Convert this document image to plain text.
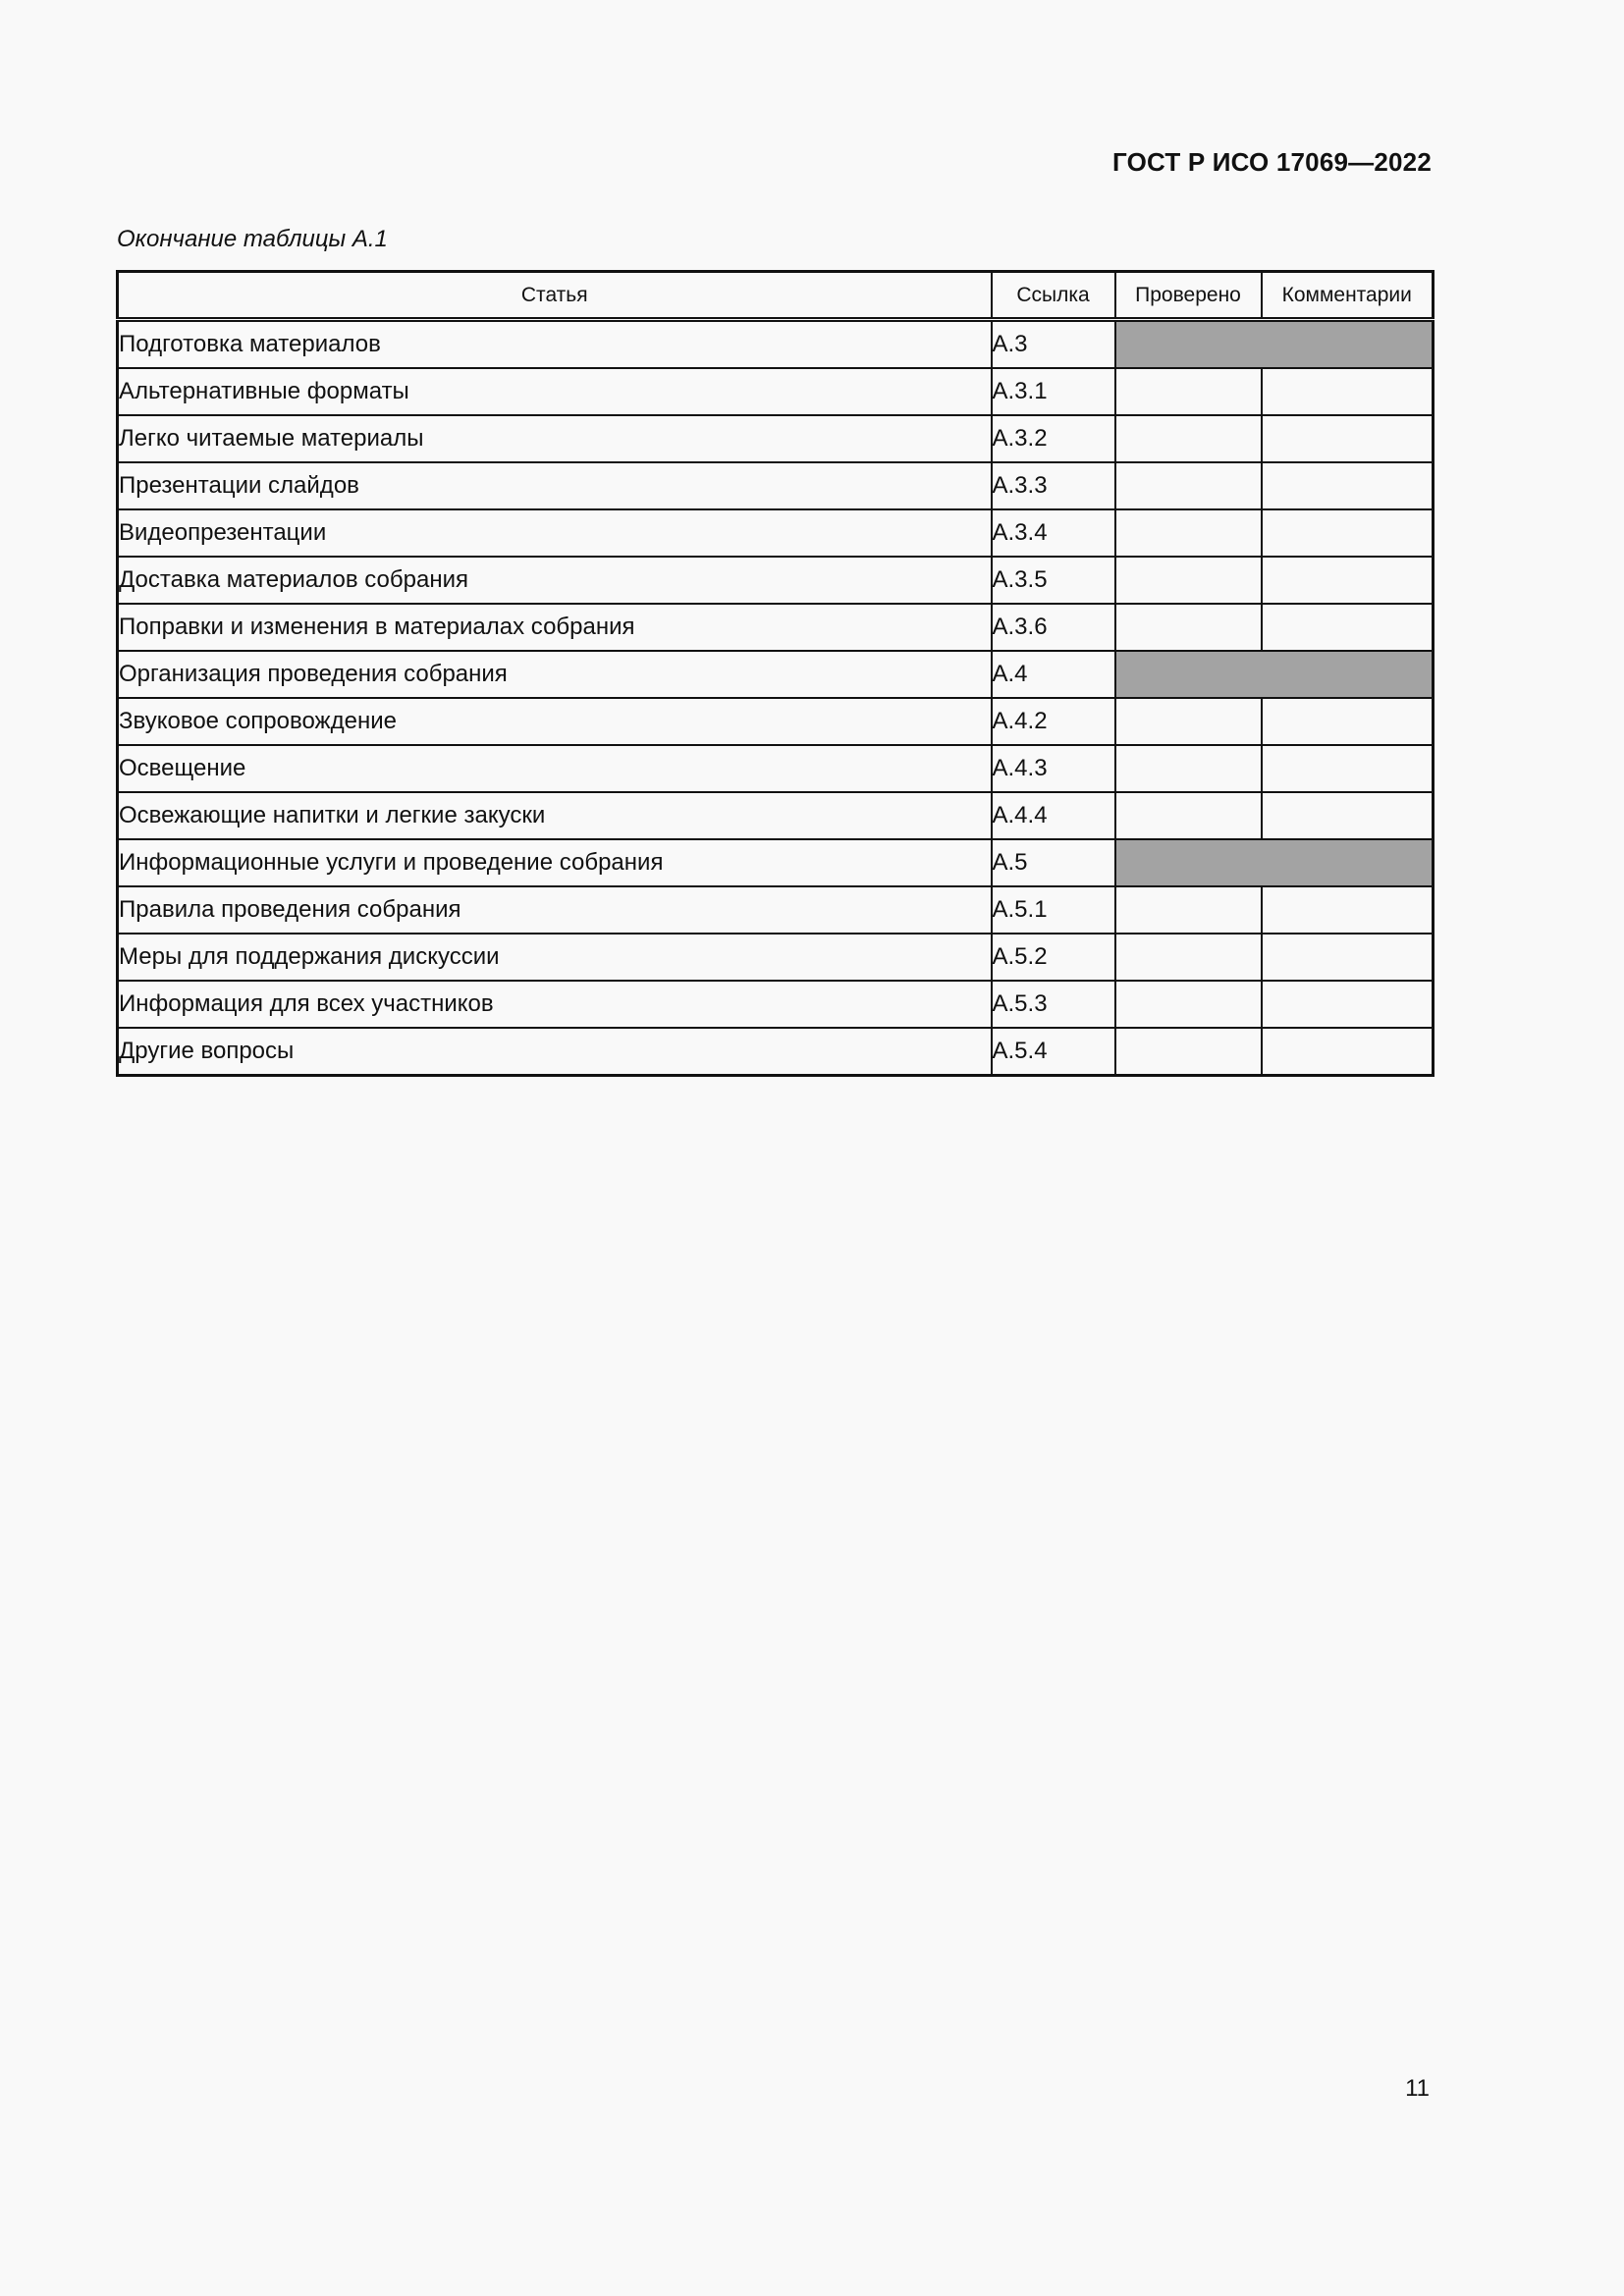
ГОСТ Р ИСО 17069—2022
Окончание таблицы А.1
Статья	Ссылка	Проверено	Комментарии
Подготовка материалов	А.3		
Альтернативные форматы	А.3.1		
Легко читаемые материалы	А.3.2		
Презентации слайдов	А.3.3		
Видеопрезентации	А.3.4		
Доставка материалов собрания	А.3.5		
Поправки и изменения в материалах собрания	А.3.6		
Организация проведения собрания	А.4		
Звуковое сопровождение	А.4.2		
Освещение	А.4.3		
Освежающие напитки и легкие закуски	А.4.4		
Информационные услуги и проведение собрания	А.5		
Правила проведения собрания	А.5.1		
Меры для поддержания дискуссии	А.5.2		
Информация для всех участников	А.5.3		
Другие вопросы	А.5.4		
11
